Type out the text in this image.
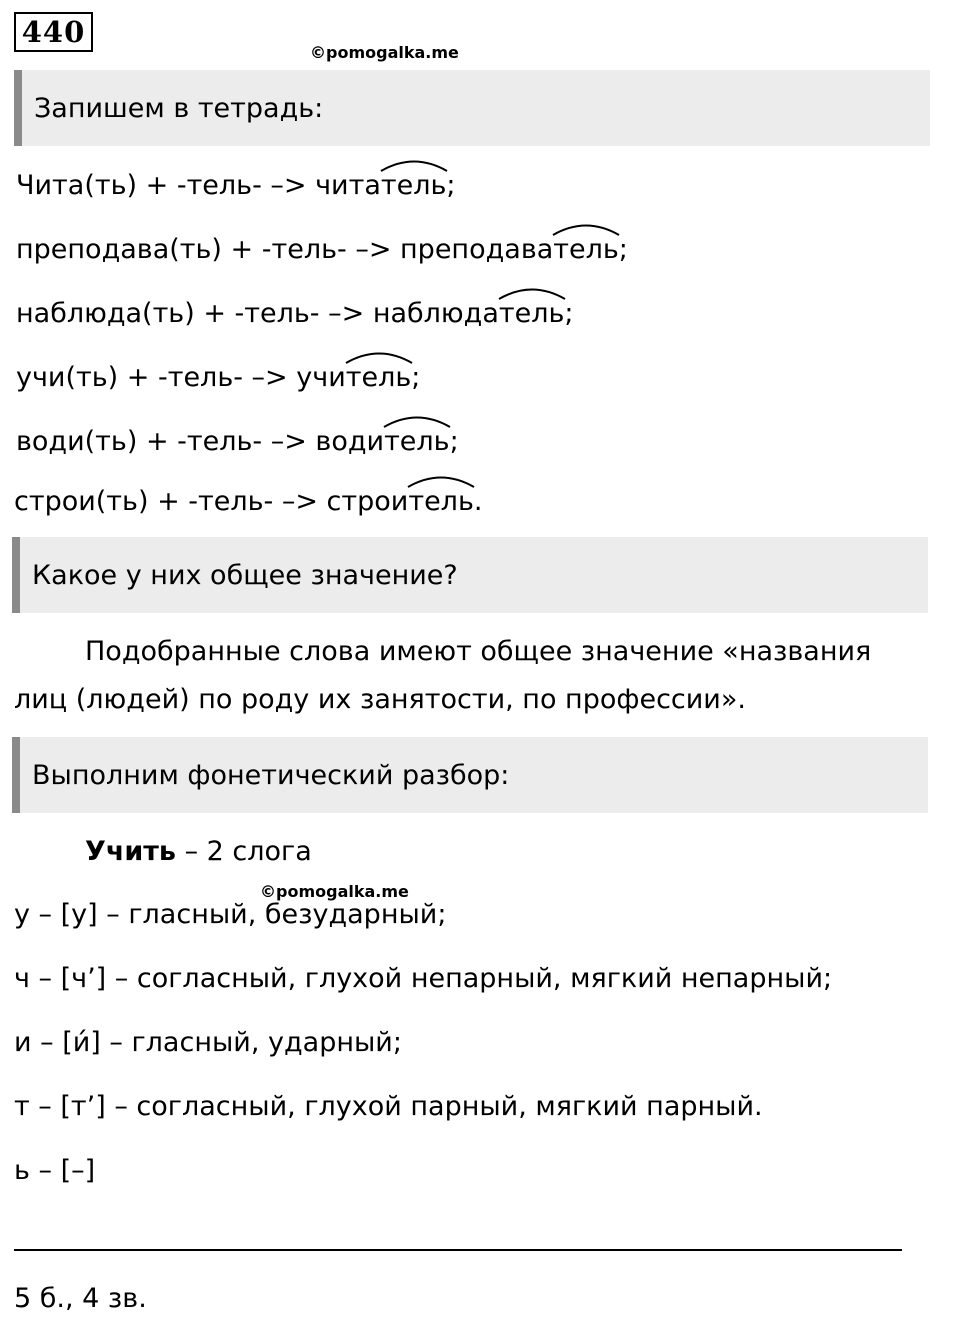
440
©pomogalka.me
Запишем в тетрадь:
Чита(ть) + -тель- –> чита
тель;
преподава(ть) + -тель- –> преподава
тель;
наблюда(ть) + -тель- –> наблюда
тель;
учи(ть) + -тель- –> учи
тель;
води(ть) + -тель- –> води
тель;
строи(ть) + -тель- –> строи
тель.
Какое у них общее значение?
Подобранные слова имеют общее значение «названия
лиц (людей) по роду их занятости, по профессии».
Выполним фонетический разбор:
Учить – 2 слога
©pomogalka.me
у – [у] – гласный, безударный;
ч – [ч’] – согласный, глухой непарный, мягкий непарный;
и – [и́] – гласный, ударный;
т – [т’] – согласный, глухой парный, мягкий парный.
ь – [–]
5 б., 4 зв.
